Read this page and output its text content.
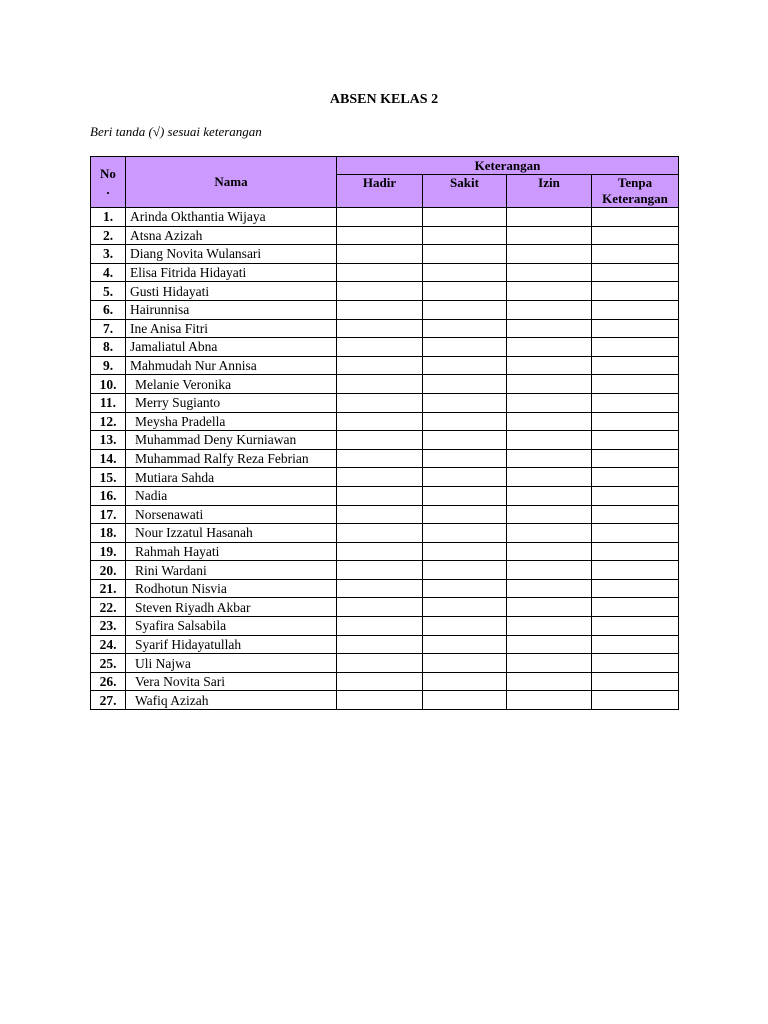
ABSEN KELAS 2
Beri tanda (√) sesuai keterangan
No
.	Nama	Keterangan			
		Hadir	Sakit	Izin	Tenpa
Keterangan

1.	Arinda Okthantia Wijaya				
2.	Atsna Azizah				
3.	Diang Novita Wulansari				
4.	Elisa Fitrida Hidayati				
5.	Gusti Hidayati				
6.	Hairunnisa				
7.	Ine Anisa Fitri				
8.	Jamaliatul Abna				
9.	Mahmudah Nur Annisa				
10.	Melanie Veronika				
11.	Merry Sugianto				
12.	Meysha Pradella				
13.	Muhammad Deny Kurniawan				
14.	Muhammad Ralfy Reza Febrian				
15.	Mutiara Sahda				
16.	Nadia				
17.	Norsenawati				
18.	Nour Izzatul Hasanah				
19.	Rahmah Hayati				
20.	Rini Wardani				
21.	Rodhotun Nisvia				
22.	Steven Riyadh Akbar				
23.	Syafira Salsabila				
24.	Syarif Hidayatullah				
25.	Uli Najwa				
26.	Vera Novita Sari				
27.	Wafiq Azizah				
